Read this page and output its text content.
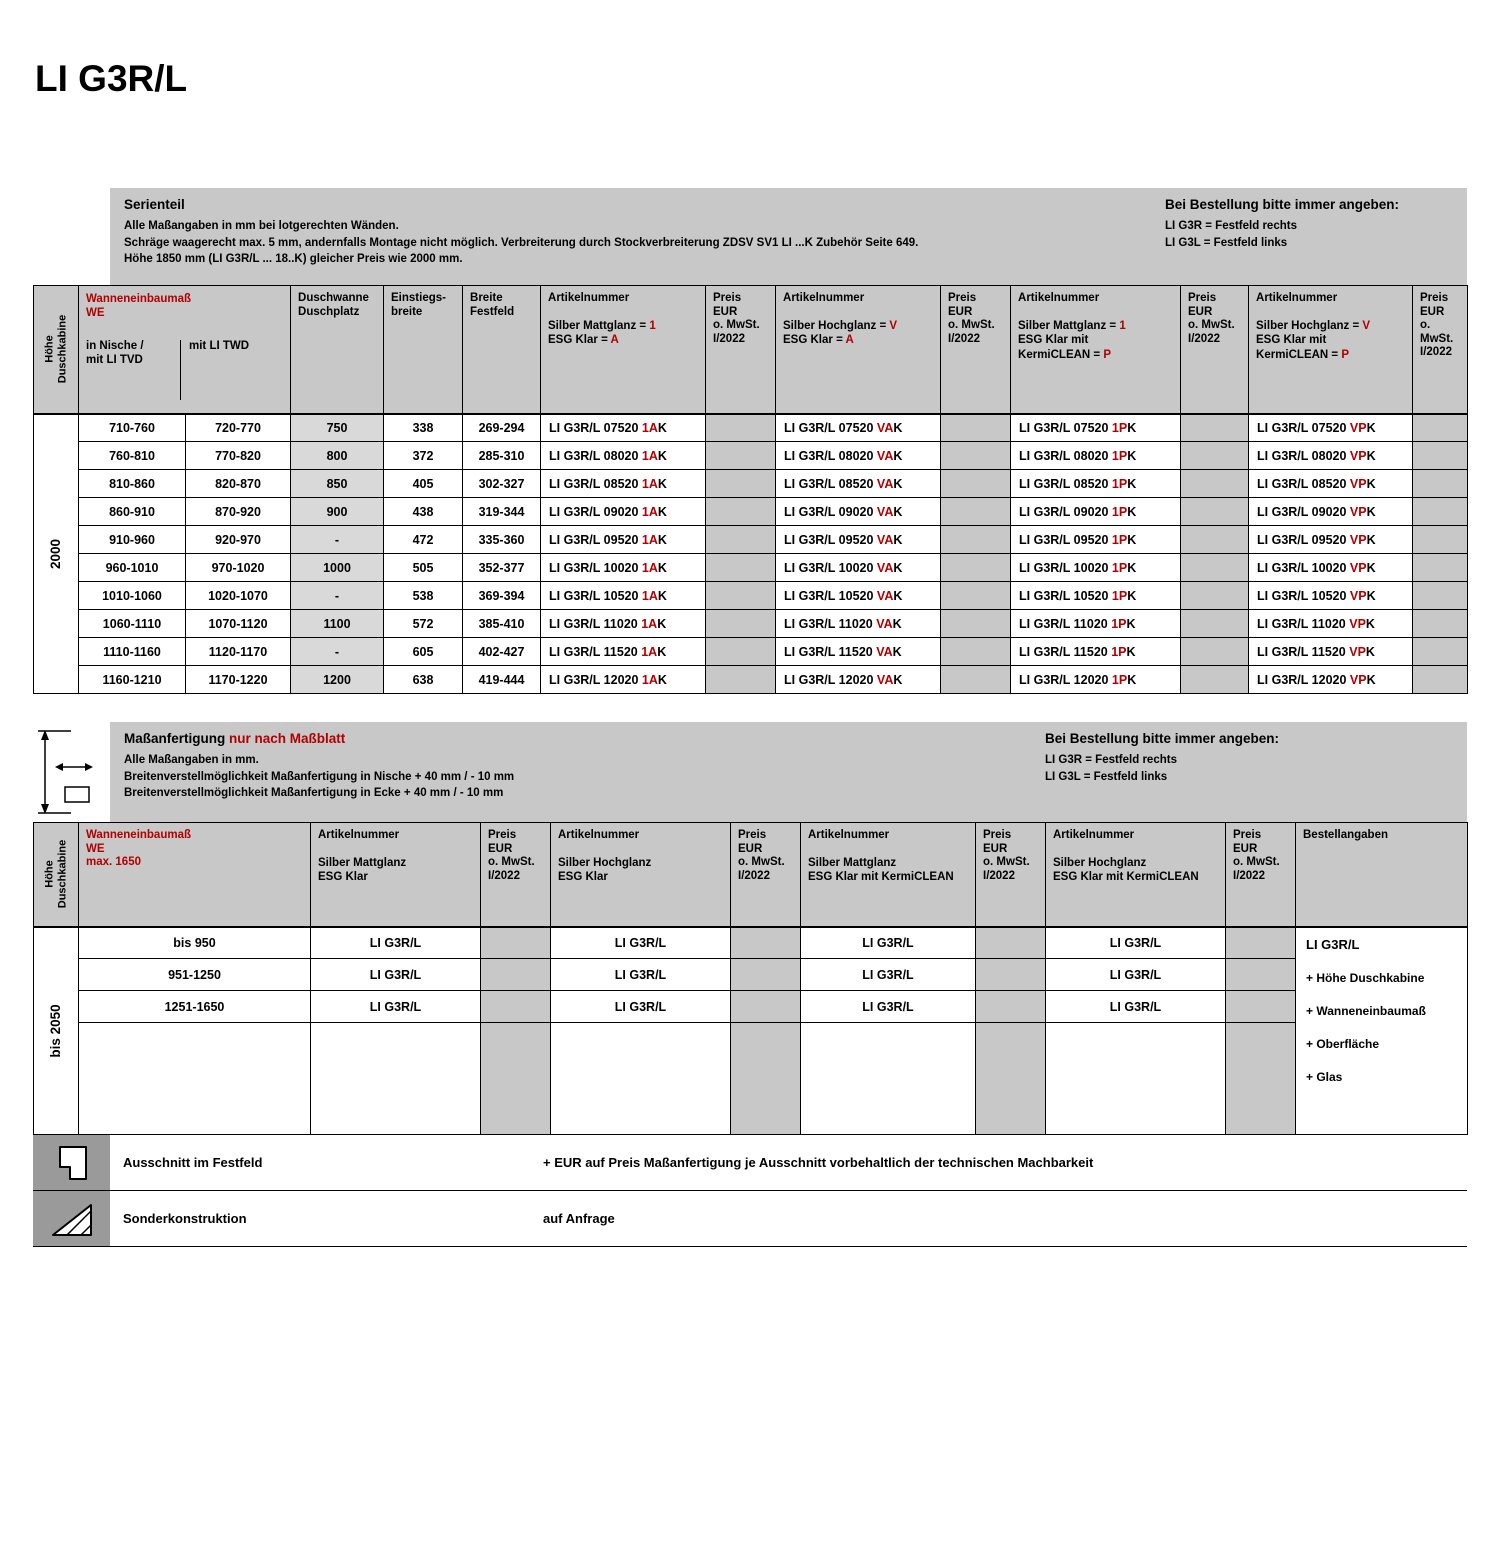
LI G3R/L
Serienteil
Alle Maßangaben in mm bei lotgerechten Wänden.
Schräge waagerecht max. 5 mm, andernfalls Montage nicht möglich. Verbreiterung durch Stockverbreiterung ZDSV SV1 LI ...K Zubehör Seite 649.
Höhe 1850 mm (LI G3R/L ... 18..K) gleicher Preis wie 2000 mm.
Bei Bestellung bitte immer angeben:
LI G3R = Festfeld rechts
LI G3L = Festfeld links
Höhe Duschkabine

Wanneneinbaumaß
WE
in Nische /
mit LI TVD
mit LI TWD

Duschwanne
Duschplatz

Einstiegs-
breite

Breite
Festfeld

Artikelnummer
Silber Mattglanz = 1
ESG Klar = A

Preis EUR
o. MwSt.
I/2022

Artikelnummer
Silber Hochglanz = V
ESG Klar = A

Preis EUR
o. MwSt.
I/2022

Artikelnummer
Silber Mattglanz = 1
ESG Klar mit
KermiCLEAN = P

Preis EUR
o. MwSt.
I/2022

Artikelnummer
Silber Hochglanz = V
ESG Klar mit
KermiCLEAN = P

Preis EUR
o. MwSt.
I/2022

2000	710-760	720-770	750	338	269-294	LI G3R/L 07520 1AK		LI G3R/L 07520 VAK		LI G3R/L 07520 1PK		LI G3R/L 07520 VPK	
	760-810	770-820	800	372	285-310	LI G3R/L 08020 1AK		LI G3R/L 08020 VAK		LI G3R/L 08020 1PK		LI G3R/L 08020 VPK	
	810-860	820-870	850	405	302-327	LI G3R/L 08520 1AK		LI G3R/L 08520 VAK		LI G3R/L 08520 1PK		LI G3R/L 08520 VPK	
	860-910	870-920	900	438	319-344	LI G3R/L 09020 1AK		LI G3R/L 09020 VAK		LI G3R/L 09020 1PK		LI G3R/L 09020 VPK	
	910-960	920-970	-	472	335-360	LI G3R/L 09520 1AK		LI G3R/L 09520 VAK		LI G3R/L 09520 1PK		LI G3R/L 09520 VPK	
	960-1010	970-1020	1000	505	352-377	LI G3R/L 10020 1AK		LI G3R/L 10020 VAK		LI G3R/L 10020 1PK		LI G3R/L 10020 VPK	
	1010-1060	1020-1070	-	538	369-394	LI G3R/L 10520 1AK		LI G3R/L 10520 VAK		LI G3R/L 10520 1PK		LI G3R/L 10520 VPK	
	1060-1110	1070-1120	1100	572	385-410	LI G3R/L 11020 1AK		LI G3R/L 11020 VAK		LI G3R/L 11020 1PK		LI G3R/L 11020 VPK	
	1110-1160	1120-1170	-	605	402-427	LI G3R/L 11520 1AK		LI G3R/L 11520 VAK		LI G3R/L 11520 1PK		LI G3R/L 11520 VPK	
	1160-1210	1170-1220	1200	638	419-444	LI G3R/L 12020 1AK		LI G3R/L 12020 VAK		LI G3R/L 12020 1PK		LI G3R/L 12020 VPK	
Maßanfertigung nur nach Maßblatt
Alle Maßangaben in mm.
Breitenverstellmöglichkeit Maßanfertigung in Nische + 40 mm / - 10 mm
Breitenverstellmöglichkeit Maßanfertigung in Ecke + 40 mm / - 10 mm
Bei Bestellung bitte immer angeben:
LI G3R = Festfeld rechts
LI G3L = Festfeld links
Höhe Duschkabine

Wanneneinbaumaß
WE
max. 1650

Artikelnummer
Silber Mattglanz
ESG Klar

Preis EUR
o. MwSt.
I/2022

Artikelnummer
Silber Hochglanz
ESG Klar

Preis EUR
o. MwSt.
I/2022

Artikelnummer
Silber Mattglanz
ESG Klar mit KermiCLEAN

Preis EUR
o. MwSt.
I/2022

Artikelnummer
Silber Hochglanz
ESG Klar mit KermiCLEAN

Preis EUR
o. MwSt.
I/2022
	Bestellangaben

bis 2050	bis 950	LI G3R/L		LI G3R/L		LI G3R/L		LI G3R/L		LI G3R/L
+ Höhe Duschkabine
+ Wanneneinbaumaß
+ Oberfläche
+ Glas

	951-1250	LI G3R/L		LI G3R/L		LI G3R/L		LI G3R/L		
	1251-1650	LI G3R/L		LI G3R/L		LI G3R/L		LI G3R/L		

Ausschnitt im Festfeld	+ EUR auf Preis Maßanfertigung je Ausschnitt vorbehaltlich der technischen Machbarkeit
Sonderkonstruktion	auf Anfrage
